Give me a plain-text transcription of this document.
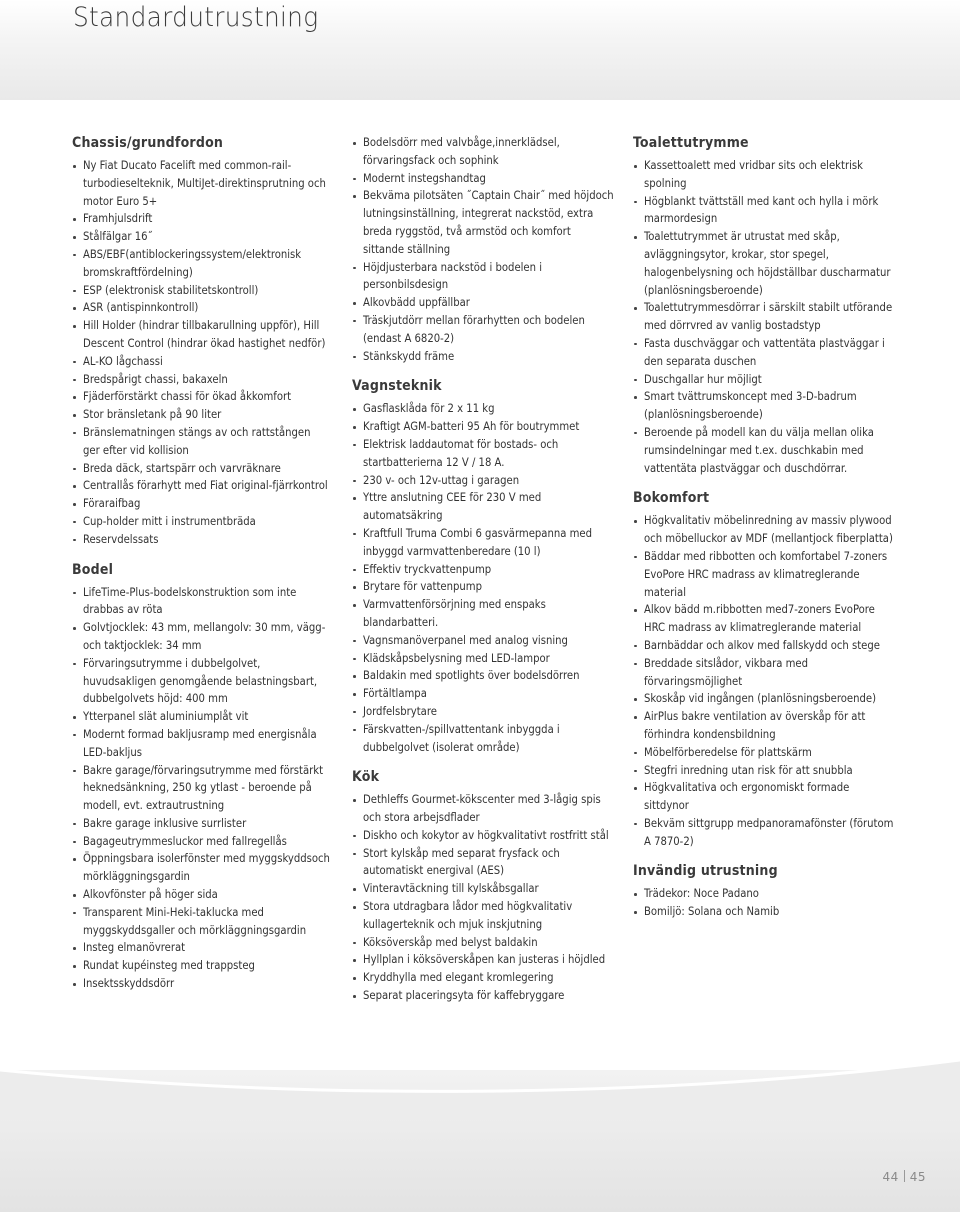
Standardutrustning
Chassis/grundfordon
Ny Fiat Ducato Facelift med common-rail-turbodieselteknik, MultiJet-direktinsprutning och motor Euro 5+
Framhjulsdrift
Stålfälgar 16˝
ABS/EBF(antiblockeringssystem/elektronisk bromskraftfördelning)
ESP (elektronisk stabilitetskontroll)
ASR (antispinnkontroll)
Hill Holder (hindrar tillbakarullning uppför), Hill Descent Control (hindrar ökad hastighet nedför)
AL-KO lågchassi
Bredspårigt chassi, bakaxeln
Fjäderförstärkt chassi för ökad åkkomfort
Stor bränsletank på 90 liter
Bränslematningen stängs av och rattstången ger efter vid kollision
Breda däck, startspärr och varvräknare
Centrallås förarhytt med Fiat original-fjärrkontrol
Föraraifbag
Cup-holder mitt i instrumentbräda
Reservdelssats
Bodel
LifeTime-Plus-bodelskonstruktion som inte drabbas av röta
Golvtjocklek: 43 mm, mellangolv: 30 mm, vägg- och taktjocklek: 34 mm
Förvaringsutrymme i dubbelgolvet, huvudsakligen genomgående belastningsbart, dubbelgolvets höjd: 400 mm
Ytterpanel slät aluminiumplåt vit
Modernt formad bakljusramp med energisnåla LED-bakljus
Bakre garage/förvaringsutrymme med förstärkt heknedsänkning, 250 kg ytlast - beroende på modell, evt. extrautrustning
Bakre garage inklusive surrlister
Bagageutrymmesluckor med fallregellås
Öppningsbara isolerfönster med myggskyddsoch mörkläggningsgardin
Alkovfönster på höger sida
Transparent Mini-Heki-taklucka med myggskyddsgaller och mörkläggningsgardin
Insteg elmanövrerat
Rundat kupéinsteg med trappsteg
Insektsskyddsdörr
Bodelsdörr med valvbåge,innerklädsel, förvaringsfack och sophink
Modernt instegshandtag
Bekväma pilotsäten ˝Captain Chair˝ med höjdoch lutningsinställning, integrerat nackstöd, extra breda ryggstöd, två armstöd och komfort sittande ställning
Höjdjusterbara nackstöd i bodelen i personbilsdesign
Alkovbädd uppfällbar
Träskjutdörr mellan förarhytten och bodelen (endast A 6820-2)
Stänkskydd främe
Vagnsteknik
Gasflasklåda för 2 x 11 kg
Kraftigt AGM-batteri 95 Ah för boutrymmet
Elektrisk laddautomat för bostads- och startbatterierna 12 V / 18 A.
230 v- och 12v-uttag i garagen
Yttre anslutning CEE för 230 V med automatsäkring
Kraftfull Truma Combi 6 gasvärmepanna med inbyggd varmvattenberedare (10 l)
Effektiv tryckvattenpump
Brytare för vattenpump
Varmvattenförsörjning med enspaks blandarbatteri.
Vagnsmanöverpanel med analog visning
Klädskåpsbelysning med LED-lampor
Baldakin med spotlights över bodelsdörren
Förtältlampa
Jordfelsbrytare
Färskvatten-/spillvattentank inbyggda i dubbelgolvet (isolerat område)
Kök
Dethleffs Gourmet-kökscenter med 3-lågig spis och stora arbejsdflader
Diskho och kokytor av högkvalitativt rostfritt stål
Stort kylskåp med separat frysfack och automatiskt energival (AES)
Vinteravtäckning till kylskåbsgallar
Stora utdragbara lådor med högkvalitativ kullagerteknik och mjuk inskjutning
Köksöverskåp med belyst baldakin
Hyllplan i köksöverskåpen kan justeras i höjdled
Kryddhylla med elegant kromlegering
Separat placeringsyta för kaffebryggare
Toalettutrymme
Kassettoalett med vridbar sits och elektrisk spolning
Högblankt tvättställ med kant och hylla i mörk marmordesign
Toalettutrymmet är utrustat med skåp, avläggningsytor, krokar, stor spegel, halogenbelysning och höjdställbar duscharmatur (planlösningsberoende)
Toalettutrymmesdörrar i särskilt stabilt utförande med dörrvred av vanlig bostadstyp
Fasta duschväggar och vattentäta plastväggar i den separata duschen
Duschgallar hur möjligt
Smart tvättrumskoncept med 3-D-badrum (planlösningsberoende)
Beroende på modell kan du välja mellan olika rumsindelningar med t.ex. duschkabin med vattentäta plastväggar och duschdörrar.
Bokomfort
Högkvalitativ möbelinredning av massiv plywood och möbelluckor av MDF (mellantjock fiberplatta)
Bäddar med ribbotten och komfortabel 7-zoners EvoPore HRC madrass av klimatreglerande material
Alkov bädd m.ribbotten med7-zoners EvoPore HRC madrass av klimatreglerande material
Barnbäddar och alkov med fallskydd och stege
Breddade sitslådor, vikbara med förvaringsmöjlighet
Skoskåp vid ingången (planlösningsberoende)
AirPlus bakre ventilation av överskåp för att förhindra kondensbildning
Möbelförberedelse för plattskärm
Stegfri inredning utan risk för att snubbla
Högkvalitativa och ergonomiskt formade sittdynor
Bekväm sittgrupp medpanoramafönster (förutom A 7870-2)
Invändig utrustning
Trädekor: Noce Padano
Bomiljö: Solana och Namib
44 45
